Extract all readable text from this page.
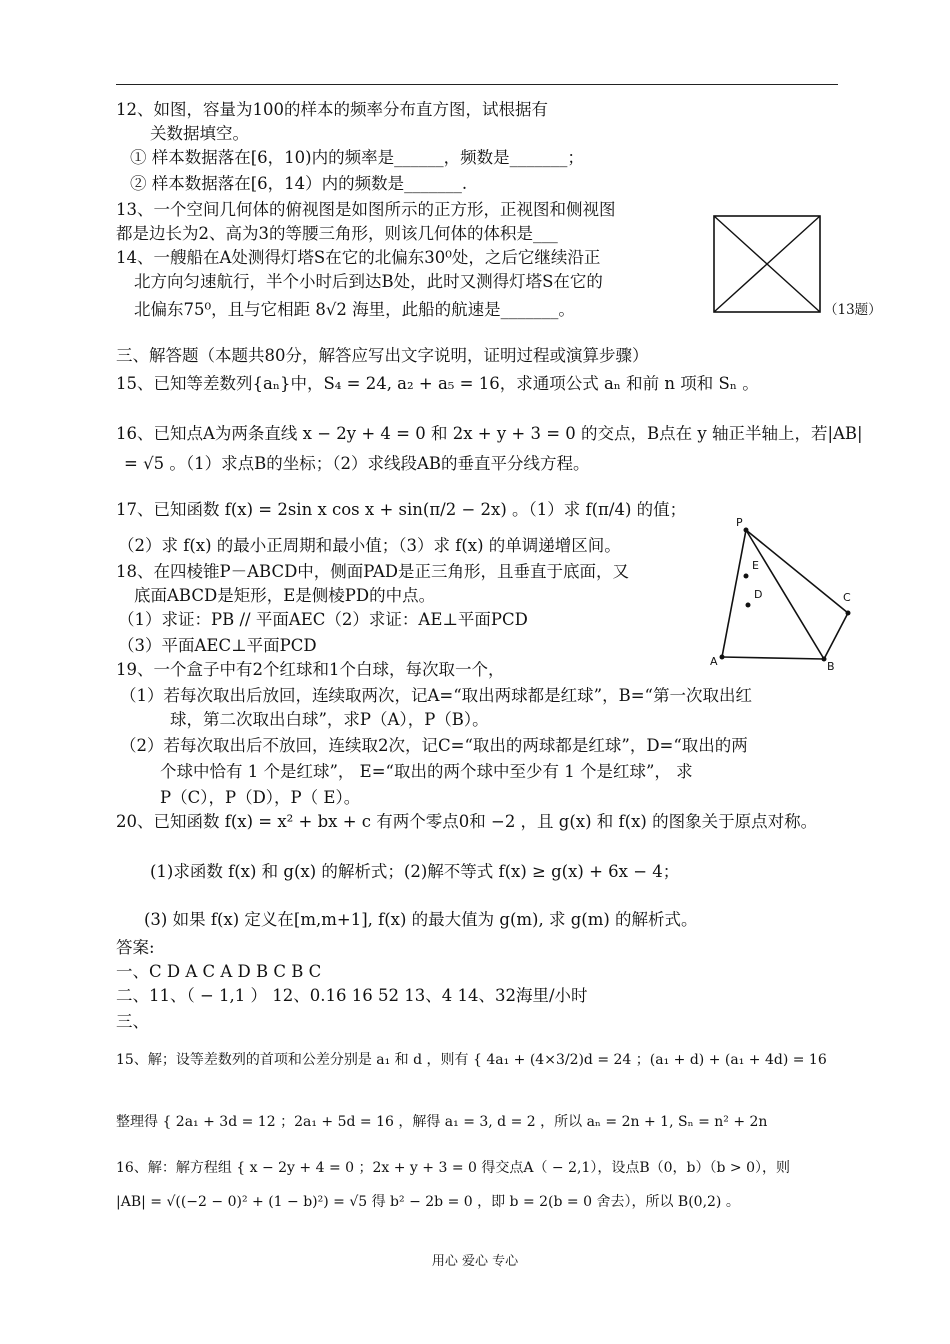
12、如图，容量为100的样本的频率分布直方图，试根据有
关数据填空。
① 样本数据落在[6，10)内的频率是______，频数是_______；
② 样本数据落在[6，14）内的频数是_______.
13、一个空间几何体的俯视图是如图所示的正方形，正视图和侧视图
都是边长为2、高为3的等腰三角形，则该几何体的体积是___
14、一艘船在A处测得灯塔S在它的北偏东30⁰处，之后它继续沿正
北方向匀速航行，半个小时后到达B处，此时又测得灯塔S在它的
北偏东75⁰，且与它相距 8√2 海里，此船的航速是_______。
三、解答题（本题共80分，解答应写出文字说明，证明过程或演算步骤）
15、已知等差数列{aₙ}中，S₄ = 24, a₂ + a₅ = 16，求通项公式 aₙ 和前 n 项和 Sₙ 。
16、已知点A为两条直线 x − 2y + 4 = 0 和 2x + y + 3 = 0 的交点，B点在 y 轴正半轴上，若|AB|
= √5 。（1）求点B的坐标；（2）求线段AB的垂直平分线方程。
17、已知函数 f(x) = 2sin x cos x + sin(π/2 − 2x) 。（1）求 f(π/4) 的值；
（2）求 f(x) 的最小正周期和最小值；（3）求 f(x) 的单调递增区间。
18、在四棱锥P－ABCD中，侧面PAD是正三角形，且垂直于底面，又
底面ABCD是矩形，E是侧棱PD的中点。
（1）求证：PB // 平面AEC（2）求证：AE⊥平面PCD
（3）平面AEC⊥平面PCD
19、一个盒子中有2个红球和1个白球，每次取一个，
（1）若每次取出后放回，连续取两次，记A=“取出两球都是红球”，B=“第一次取出红
球，第二次取出白球”，求P（A），P（B）。
（2）若每次取出后不放回，连续取2次，记C=“取出的两球都是红球”，D=“取出的两
个球中恰有 1 个是红球”， E=“取出的两个球中至少有 1 个是红球”， 求
P（C），P（D），P（ E）。
20、已知函数 f(x) = x² + bx + c 有两个零点0和 −2 ，且 g(x) 和 f(x) 的图象关于原点对称。
(1)求函数 f(x) 和 g(x) 的解析式；(2)解不等式 f(x) ≥ g(x) + 6x − 4；
(3) 如果 f(x) 定义在[m,m+1], f(x) 的最大值为 g(m), 求 g(m) 的解析式。
答案:
一、C D A C A D B C B C
二、11、（ − 1,1 ） 12、0.16 16 52 13、4 14、32海里/小时
三、
15、解；设等差数列的首项和公差分别是 a₁ 和 d ，则有 { 4a₁ + (4×3/2)d = 24 ；(a₁ + d) + (a₁ + 4d) = 16
整理得 { 2a₁ + 3d = 12 ；2a₁ + 5d = 16 ，解得 a₁ = 3, d = 2 ，所以 aₙ = 2n + 1, Sₙ = n² + 2n
16、解：解方程组 { x − 2y + 4 = 0 ；2x + y + 3 = 0 得交点A（ − 2,1），设点B（0，b）（b > 0），则
|AB| = √((−2 − 0)² + (1 − b)²) = √5 得 b² − 2b = 0 ，即 b = 2(b = 0 舍去），所以 B(0,2) 。
（13题）
P
E
D	C
A	B
用心 爱心 专心
